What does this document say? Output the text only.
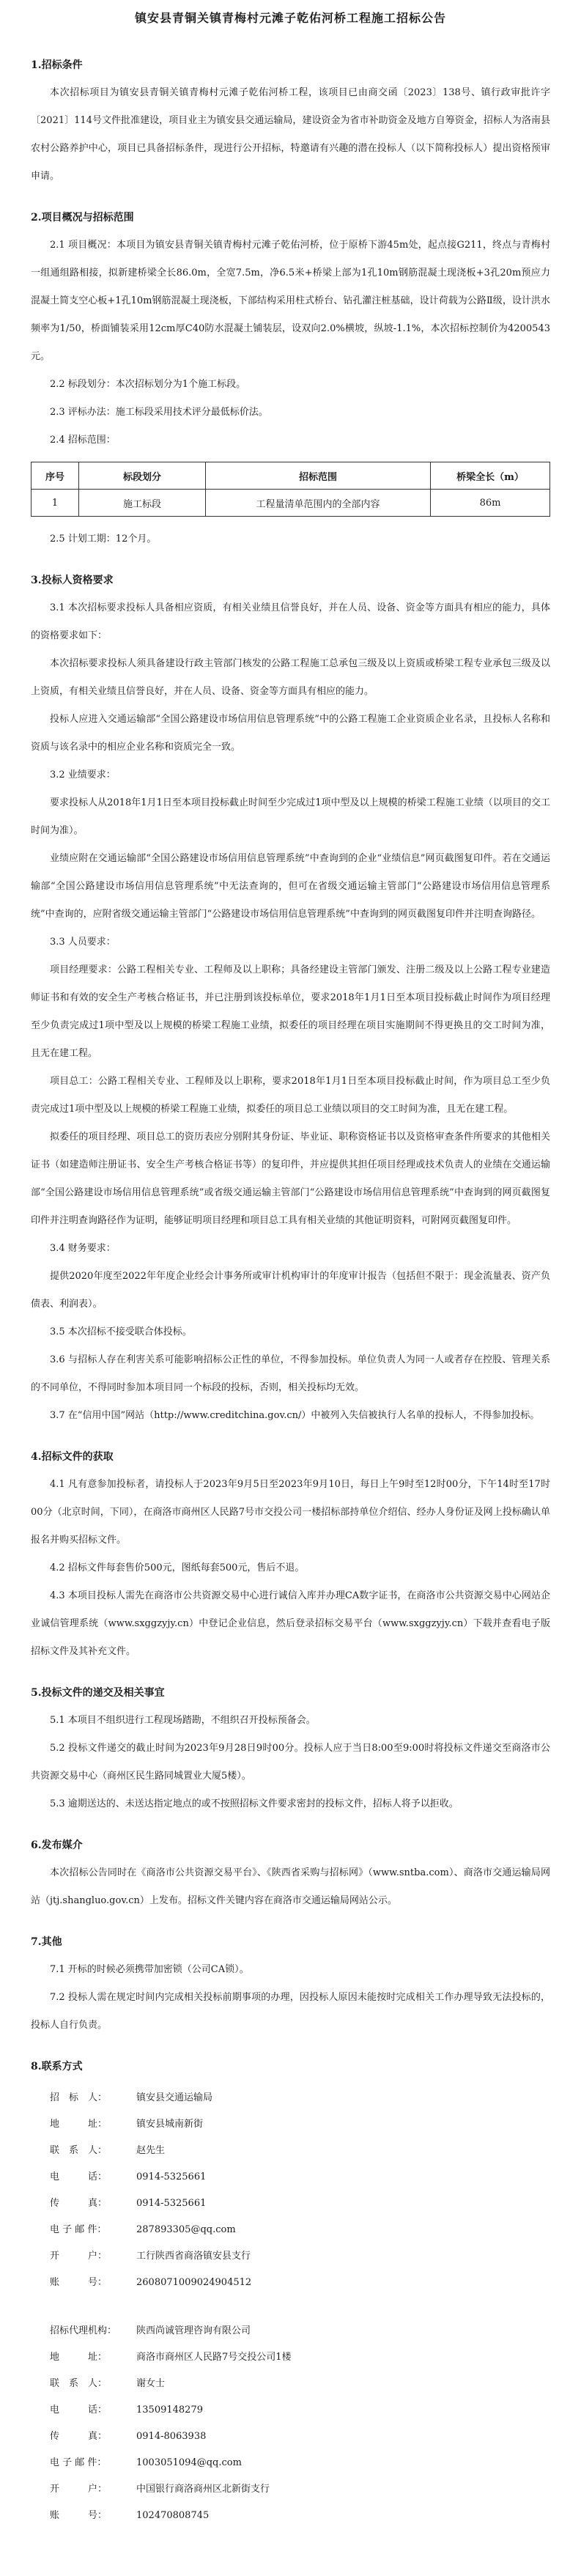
镇安县青铜关镇青梅村元滩子乾佑河桥工程施工招标公告
1.招标条件

本次招标项目为镇安县青铜关镇青梅村元滩子乾佑河桥工程，该项目已由商交函〔2023〕138号、镇行政审批许字〔2021〕114号文件批准建设，项目业主为镇安县交通运输局，建设资金为省市补助资金及地方自筹资金，招标人为洛南县农村公路养护中心，项目已具备招标条件，现进行公开招标，特邀请有兴趣的潜在投标人（以下简称投标人）提出资格预审申请。

2.项目概况与招标范围

2.1 项目概况：本项目为镇安县青铜关镇青梅村元滩子乾佑河桥，位于原桥下游45m处，起点接G211，终点与青梅村一组通组路相接，拟新建桥梁全长86.0m，全宽7.5m，净6.5米+桥梁上部为1孔10m钢筋混凝土现浇板+3孔20m预应力混凝土简支空心板+1孔10m钢筋混凝土现浇板，下部结构采用柱式桥台、钻孔灌注桩基础，设计荷载为公路Ⅱ级，设计洪水频率为1/50，桥面铺装采用12cm厚C40防水混凝土铺装层，设双向2.0%横坡，纵坡-1.1%，本次招标控制价为4200543元。

2.2 标段划分：本次招标划分为1个施工标段。

2.3 评标办法：施工标段采用技术评分最低标价法。

2.4 招标范围：

序号	标段划分	招标范围	桥梁全长（m）
1	施工标段	工程量清单范围内的全部内容	86m

2.5 计划工期：12个月。

3.投标人资格要求

3.1 本次招标要求投标人具备相应资质，有相关业绩且信誉良好，并在人员、设备、资金等方面具有相应的能力，具体的资格要求如下：

本次招标要求投标人须具备建设行政主管部门核发的公路工程施工总承包三级及以上资质或桥梁工程专业承包三级及以上资质，有相关业绩且信誉良好，并在人员、设备、资金等方面具有相应的能力。

投标人应进入交通运输部“全国公路建设市场信用信息管理系统”中的公路工程施工企业资质企业名录，且投标人名称和资质与该名录中的相应企业名称和资质完全一致。

3.2 业绩要求：

要求投标人从2018年1月1日至本项目投标截止时间至少完成过1项中型及以上规模的桥梁工程施工业绩（以项目的交工时间为准）。

业绩应附在交通运输部“全国公路建设市场信用信息管理系统”中查询到的企业“业绩信息”网页截图复印件。若在交通运输部“全国公路建设市场信用信息管理系统”中无法查询的，但可在省级交通运输主管部门“公路建设市场信用信息管理系统”中查询的，应附省级交通运输主管部门“公路建设市场信用信息管理系统”中查询到的网页截图复印件并注明查询路径。

3.3 人员要求：

项目经理要求：公路工程相关专业、工程师及以上职称；具备经建设主管部门颁发、注册二级及以上公路工程专业建造师证书和有效的安全生产考核合格证书，并已注册到该投标单位，要求2018年1月1日至本项目投标截止时间作为项目经理至少负责完成过1项中型及以上规模的桥梁工程施工业绩，拟委任的项目经理在项目实施期间不得更换且的交工时间为准，且无在建工程。

项目总工：公路工程相关专业、工程师及以上职称，要求2018年1月1日至本项目投标截止时间，作为项目总工至少负责完成过1项中型及以上规模的桥梁工程施工业绩，拟委任的项目总工业绩以项目的交工时间为准，且无在建工程。

拟委任的项目经理、项目总工的资历表应分别附其身份证、毕业证、职称资格证书以及资格审查条件所要求的其他相关证书（如建造师注册证书、安全生产考核合格证书等）的复印件，并应提供其担任项目经理或技术负责人的业绩在交通运输部“全国公路建设市场信用信息管理系统”或省级交通运输主管部门“公路建设市场信用信息管理系统”中查询到的网页截图复印件并注明查询路径作为证明，能够证明项目经理和项目总工具有相关业绩的其他证明资料，可附网页截图复印件。

3.4 财务要求：

提供2020年度至2022年年度企业经会计事务所或审计机构审计的年度审计报告（包括但不限于：现金流量表、资产负债表、利润表）。

3.5 本次招标不接受联合体投标。

3.6 与招标人存在利害关系可能影响招标公正性的单位，不得参加投标。单位负责人为同一人或者存在控股、管理关系的不同单位，不得同时参加本项目同一个标段的投标，否则，相关投标均无效。

3.7 在“信用中国”网站（http://www.creditchina.gov.cn/）中被列入失信被执行人名单的投标人，不得参加投标。

4.招标文件的获取

4.1 凡有意参加投标者，请投标人于2023年9月5日至2023年9月10日，每日上午9时至12时00分，下午14时至17时00分（北京时间，下同），在商洛市商州区人民路7号市交投公司一楼招标部持单位介绍信、经办人身份证及网上投标确认单报名并购买招标文件。

4.2 招标文件每套售价500元，图纸每套500元，售后不退。

4.3 本项目投标人需先在商洛市公共资源交易中心进行诚信入库并办理CA数字证书，在商洛市公共资源交易中心网站企业诚信管理系统（www.sxggzyjy.cn）中登记企业信息，然后登录招标交易平台（www.sxggzyjy.cn）下载并查看电子版招标文件及其补充文件。

5.投标文件的递交及相关事宜

5.1 本项目不组织进行工程现场踏勘，不组织召开投标预备会。

5.2 投标文件递交的截止时间为2023年9月28日9时00分。投标人应于当日8:00至9:00时将投标文件递交至商洛市公共资源交易中心（商州区民生路同城置业大厦5楼）。

5.3 逾期送达的、未送达指定地点的或不按照招标文件要求密封的投标文件，招标人将予以拒收。

6.发布媒介

本次招标公告同时在《商洛市公共资源交易平台》、《陕西省采购与招标网》（www.sntba.com）、商洛市交通运输局网站（jtj.shangluo.gov.cn）上发布。招标文件关键内容在商洛市交通运输局网站公示。

7.其他

7.1 开标的时候必须携带加密锁（公司CA锁）。

7.2 投标人需在规定时间内完成相关投标前期事项的办理，因投标人原因未能按时完成相关工作办理导致无法投标的，投标人自行负责。

8.联系方式
招　标　人：	镇安县交通运输局
地　　　址：	镇安县城南新街
联　系　人：	赵先生
电　　　话：	0914-5325661
传　　　真：	0914-5325661
电 子 邮 件：	287893305@qq.com
开　　　户：	工行陕西省商洛镇安县支行
账　　　号：	2608071009024904512
招标代理机构：	陕西尚诚管理咨询有限公司
地　　　址：	商洛市商州区人民路7号交投公司1楼
联　系　人：	谢女士
电　　　话：	13509148279
传　　　真：	0914-8063938
电 子 邮 件：	1003051094@qq.com
开　　　户：	中国银行商洛商州区北新街支行
账　　　号：	102470808745
